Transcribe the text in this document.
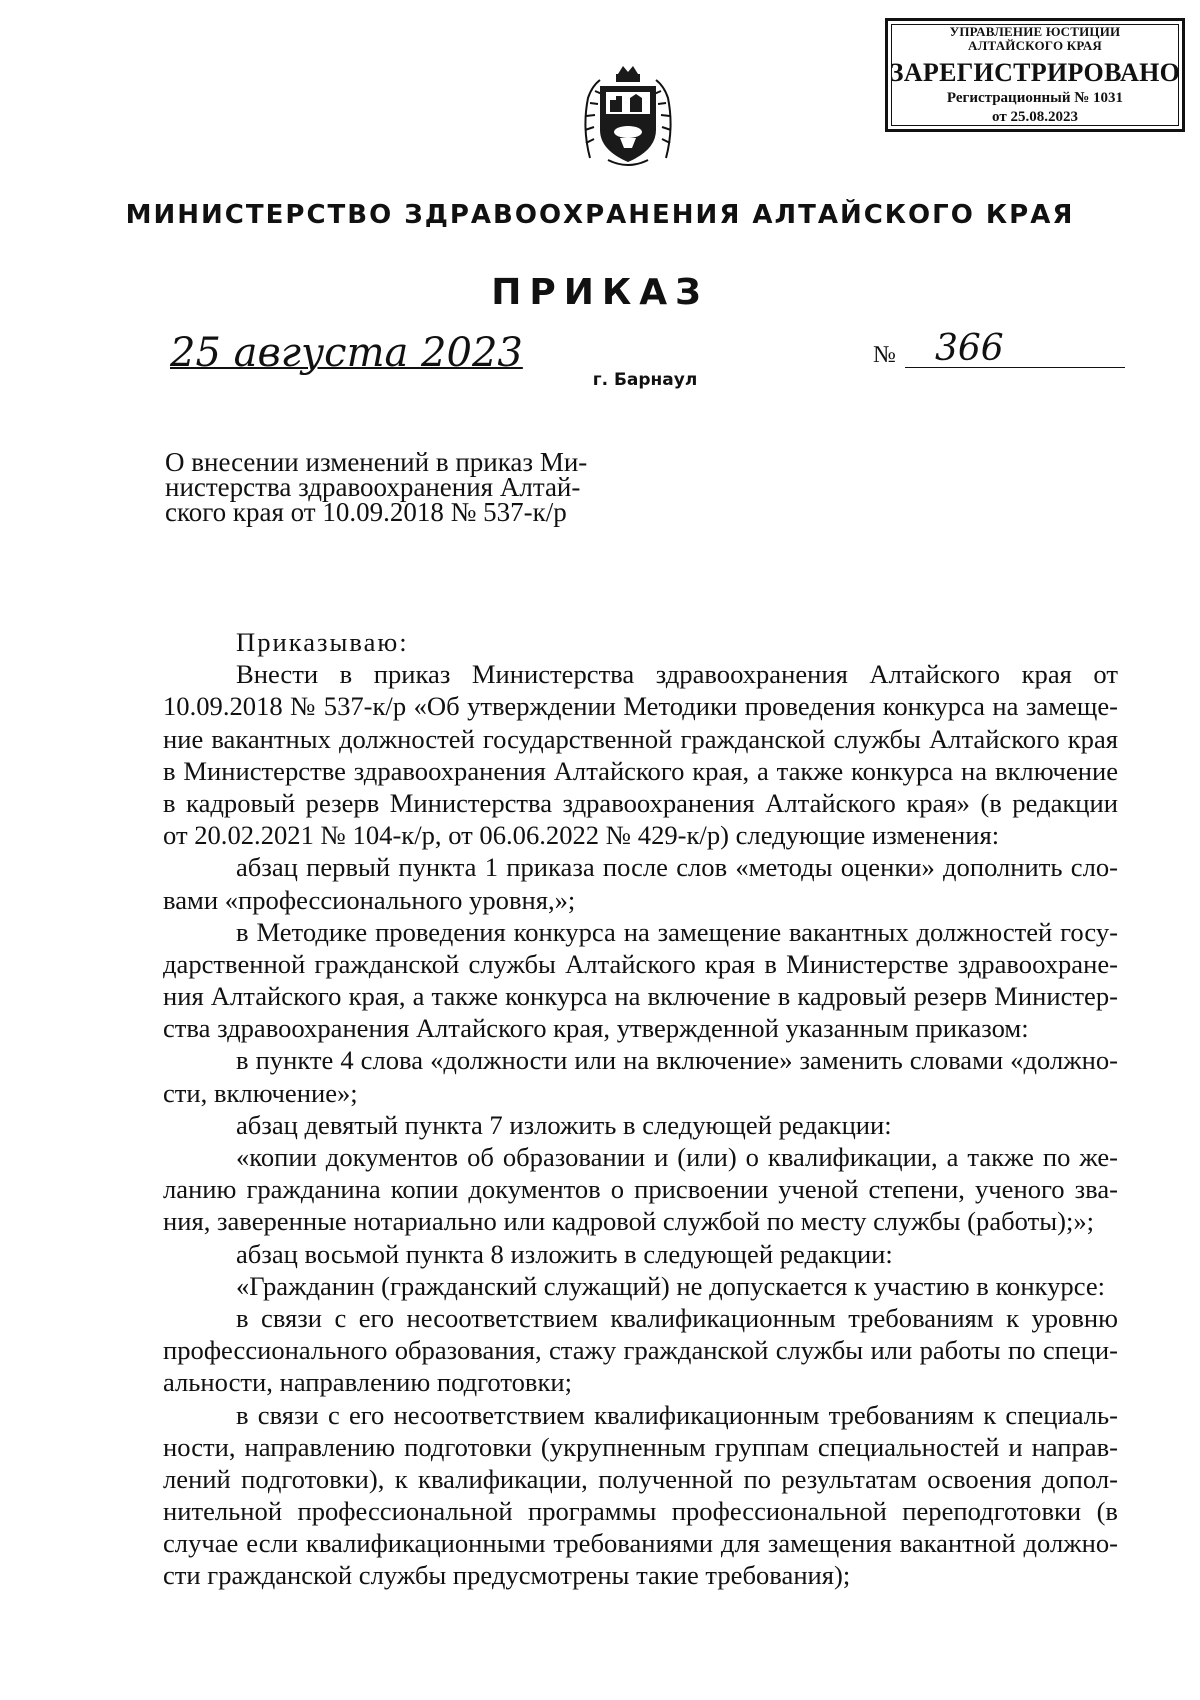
УПРАВЛЕНИЕ ЮСТИЦИИ
АЛТАЙСКОГО КРАЯ
ЗАРЕГИСТРИРОВАНО
Регистрационный № 1031
от 25.08.2023
МИНИСТЕРСТВО ЗДРАВООХРАНЕНИЯ АЛТАЙСКОГО КРАЯ
ПРИКАЗ
25 августа 2023	№ 366
г. Барнаул
О внесении изменений в приказ Ми-
нистерства здравоохранения Алтай-
ского края от 10.09.2018 № 537-к/р
Приказываю:
Внести в приказ Министерства здравоохранения Алтайского края от
10.09.2018 № 537-к/р «Об утверждении Методики проведения конкурса на замеще-
ние вакантных должностей государственной гражданской службы Алтайского края
в Министерстве здравоохранения Алтайского края, а также конкурса на включение
в кадровый резерв Министерства здравоохранения Алтайского края» (в редакции
от 20.02.2021 № 104-к/р, от 06.06.2022 № 429-к/р) следующие изменения:
абзац первый пункта 1 приказа после слов «методы оценки» дополнить сло-
вами «профессионального уровня,»;
в Методике проведения конкурса на замещение вакантных должностей госу-
дарственной гражданской службы Алтайского края в Министерстве здравоохране-
ния Алтайского края, а также конкурса на включение в кадровый резерв Министер-
ства здравоохранения Алтайского края, утвержденной указанным приказом:
в пункте 4 слова «должности или на включение» заменить словами «должно-
сти, включение»;
абзац девятый пункта 7 изложить в следующей редакции:
«копии документов об образовании и (или) о квалификации, а также по же-
ланию гражданина копии документов о присвоении ученой степени, ученого зва-
ния, заверенные нотариально или кадровой службой по месту службы (работы);»;
абзац восьмой пункта 8 изложить в следующей редакции:
«Гражданин (гражданский служащий) не допускается к участию в конкурсе:
в связи с его несоответствием квалификационным требованиям к уровню
профессионального образования, стажу гражданской службы или работы по специ-
альности, направлению подготовки;
в связи с его несоответствием квалификационным требованиям к специаль-
ности, направлению подготовки (укрупненным группам специальностей и направ-
лений подготовки), к квалификации, полученной по результатам освоения допол-
нительной профессиональной программы профессиональной переподготовки (в
случае если квалификационными требованиями для замещения вакантной должно-
сти гражданской службы предусмотрены такие требования);
